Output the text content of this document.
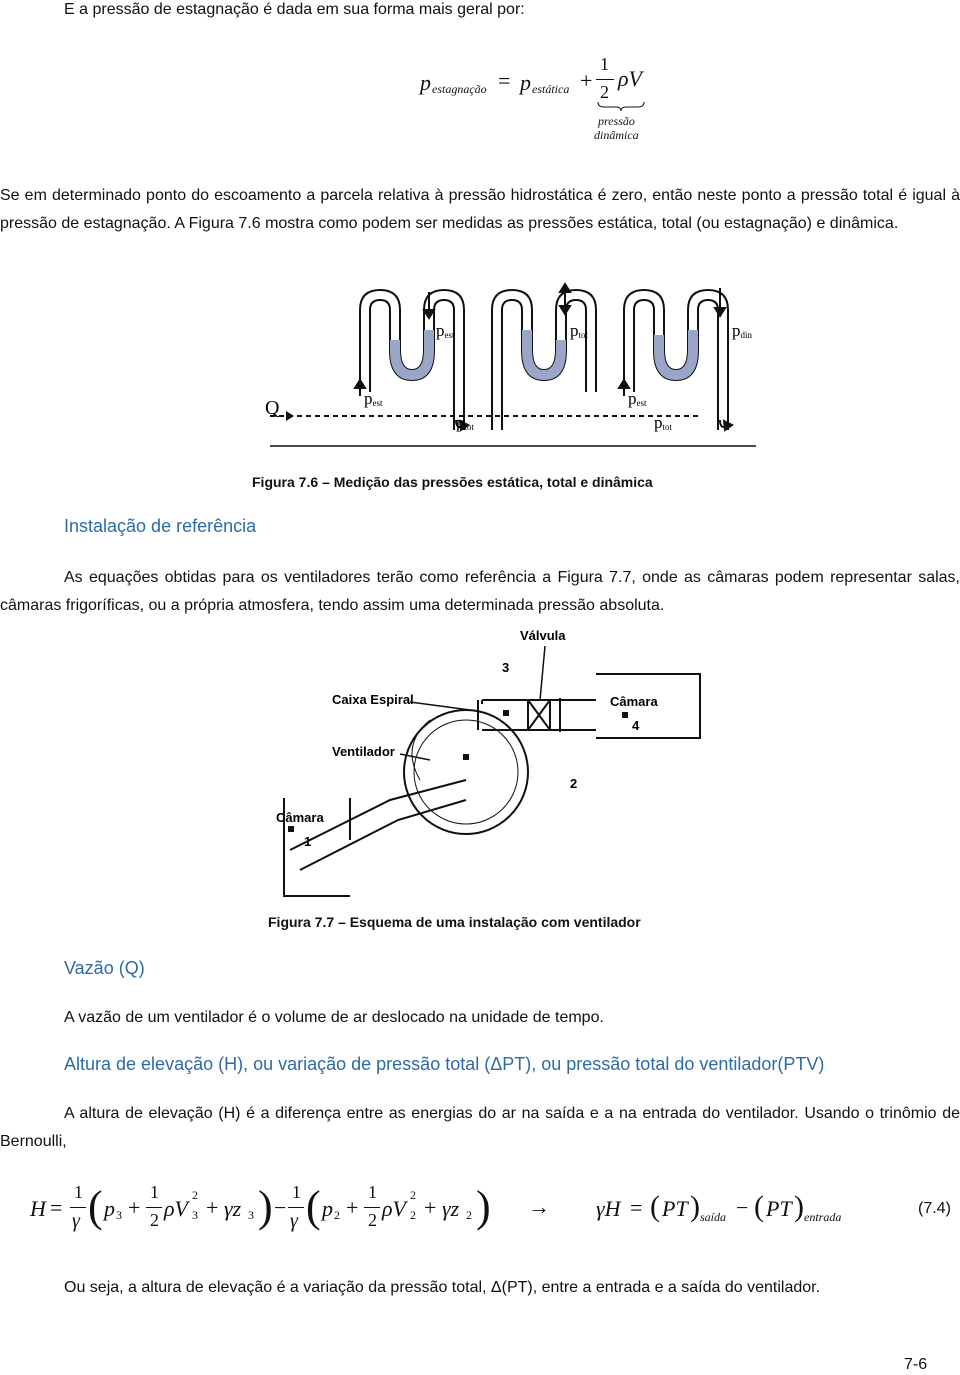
E a pressão de estagnação é dada em sua forma mais geral por:
p estagnação = p estática +
1
2
ρV
pressão
dinâmica
Se em determinado ponto do escoamento a parcela relativa à pressão hidrostática é zero, então neste ponto a pressão total é igual à pressão de estagnação. A Figura 7.6 mostra como podem ser medidas as pressões estática, total (ou estagnação) e dinâmica.
Q
pest	ptot	pdin
pest
ptot
pest
ptot
Figura 7.6 – Medição das pressões estática, total e dinâmica
Instalação de referência
As equações obtidas para os ventiladores terão como referência a Figura 7.7, onde as câmaras podem representar salas, câmaras frigoríficas, ou a própria atmosfera, tendo assim uma determinada pressão absoluta.
Válvula
Caixa Espiral
Ventilador
Câmara
Câmara
1
2
3
4
Figura 7.7 – Esquema de uma instalação com ventilador
Vazão (Q)
A vazão de um ventilador é o volume de ar deslocado na unidade de tempo.
Altura de elevação (H), ou variação de pressão total (ΔPT), ou pressão total do ventilador(PTV)
A altura de elevação (H) é a diferença entre as energias do ar na saída e a na entrada do ventilador. Usando o trinômio de Bernoulli,
H =
1
γ ( p 3 +
1
2 ρV
2
3 + γz 3 ) −
1
γ ( p 2 +
1
2 ρV
2
2 + γz 2 ) → γH = ( PT ) saída − ( PT ) entrada	(7.4)
Ou seja, a altura de elevação é a variação da pressão total, Δ(PT), entre a entrada e a saída do ventilador.
7-6
